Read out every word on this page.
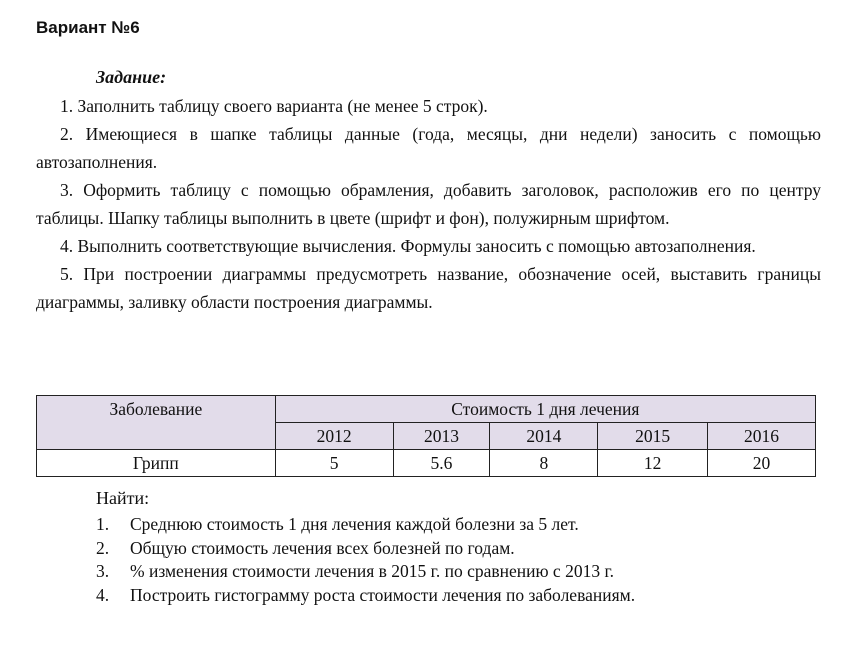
Вариант №6
Задание:

1. Заполнить таблицу своего варианта (не менее 5 строк).

2. Имеющиеся в шапке таблицы данные (года, месяцы, дни недели) заносить с помощью автозаполнения.

3. Оформить таблицу с помощью обрамления, добавить заголовок, расположив его по центру таблицы. Шапку таблицы выполнить в цвете (шрифт и фон), полужирным шрифтом.

4. Выполнить соответствующие вычисления. Формулы заносить с помощью автозаполнения.

5. При построении диаграммы предусмотреть название, обозначение осей, выставить границы диаграммы, заливку области построения диаграммы.

Заболевание	Стоимость 1 дня лечения				
	2012	2013	2014	2015	2016
Грипп	5	5.6	8	12	20
Найти:
1.	Среднюю стоимость 1 дня лечения каждой болезни за 5 лет.
2.	Общую стоимость лечения всех болезней по годам.
3.	% изменения стоимости лечения в 2015 г. по сравнению с 2013 г.
4.	Построить гистограмму роста стоимости лечения по заболеваниям.
